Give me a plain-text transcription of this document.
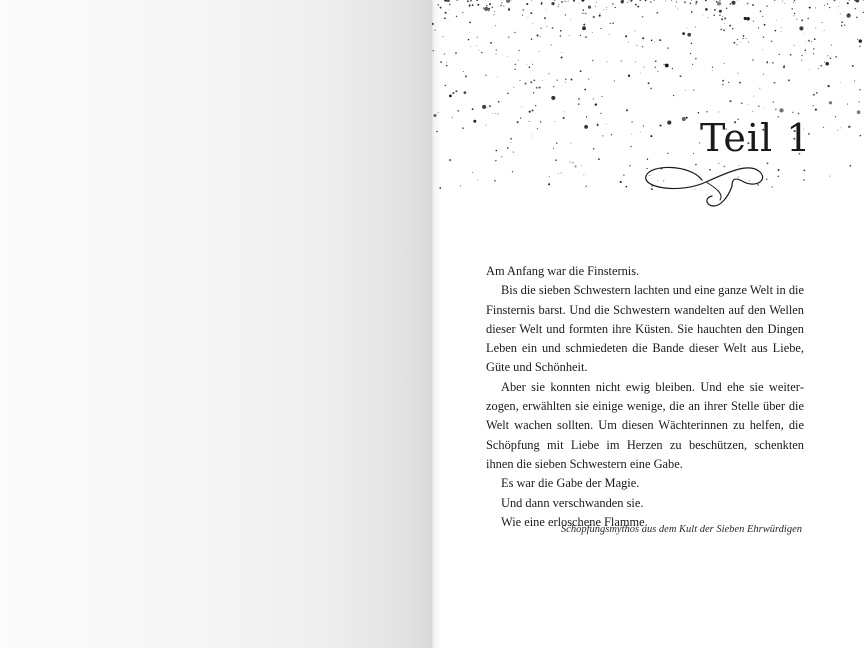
Teil 1

Am Anfang war die Finsternis.

Bis die sieben Schwestern lachten und eine ganze Welt in die Finsternis barst. Und die Schwestern wandelten auf den Wellen dieser Welt und formten ihre Küsten. Sie hauchten den Dingen Leben ein und schmiedeten die Bande dieser Welt aus Liebe, Güte und Schönheit.

Aber sie konnten nicht ewig bleiben. Und ehe sie weiterzogen, erwählten sie einige wenige, die an ihrer Stelle über die Welt wachen sollten. Um diesen Wächterinnen zu helfen, die Schöpfung mit Liebe im Herzen zu beschützen, schenkten ihnen die sieben Schwestern eine Gabe.

Es war die Gabe der Magie.

Und dann verschwanden sie.

Wie eine erloschene Flamme.

Schöpfungsmythos aus dem Kult der Sieben Ehrwürdigen
